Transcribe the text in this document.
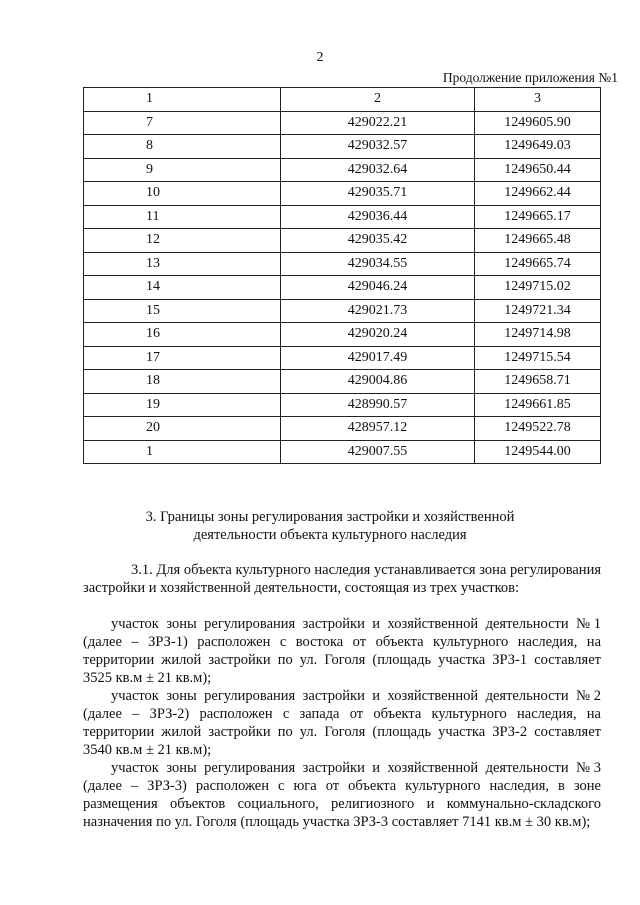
2
Продолжение приложения №1
1	2	3
7	429022.21	1249605.90
8	429032.57	1249649.03
9	429032.64	1249650.44
10	429035.71	1249662.44
11	429036.44	1249665.17
12	429035.42	1249665.48
13	429034.55	1249665.74
14	429046.24	1249715.02
15	429021.73	1249721.34
16	429020.24	1249714.98
17	429017.49	1249715.54
18	429004.86	1249658.71
19	428990.57	1249661.85
20	428957.12	1249522.78
1	429007.55	1249544.00
3. Границы зоны регулирования застройки и хозяйственной
деятельности объекта культурного наследия
3.1. Для объекта культурного наследия устанавливается зона регулирования застройки и хозяйственной деятельности, состоящая из трех участков:
участок зоны регулирования застройки и хозяйственной деятельности №1 (далее – ЗРЗ-1) расположен с востока от объекта культурного наследия, на территории жилой застройки по ул. Гоголя (площадь участка ЗРЗ-1 составляет 3525 кв.м ± 21 кв.м);
участок зоны регулирования застройки и хозяйственной деятельности №2 (далее – ЗРЗ-2) расположен с запада от объекта культурного наследия, на территории жилой застройки по ул. Гоголя (площадь участка ЗРЗ-2 составляет 3540 кв.м ± 21 кв.м);
участок зоны регулирования застройки и хозяйственной деятельности №3 (далее – ЗРЗ-3) расположен с юга от объекта культурного наследия, в зоне размещения объектов социального, религиозного и коммунально-складского назначения по ул. Гоголя (площадь участка ЗРЗ-3 составляет 7141 кв.м ± 30 кв.м);
